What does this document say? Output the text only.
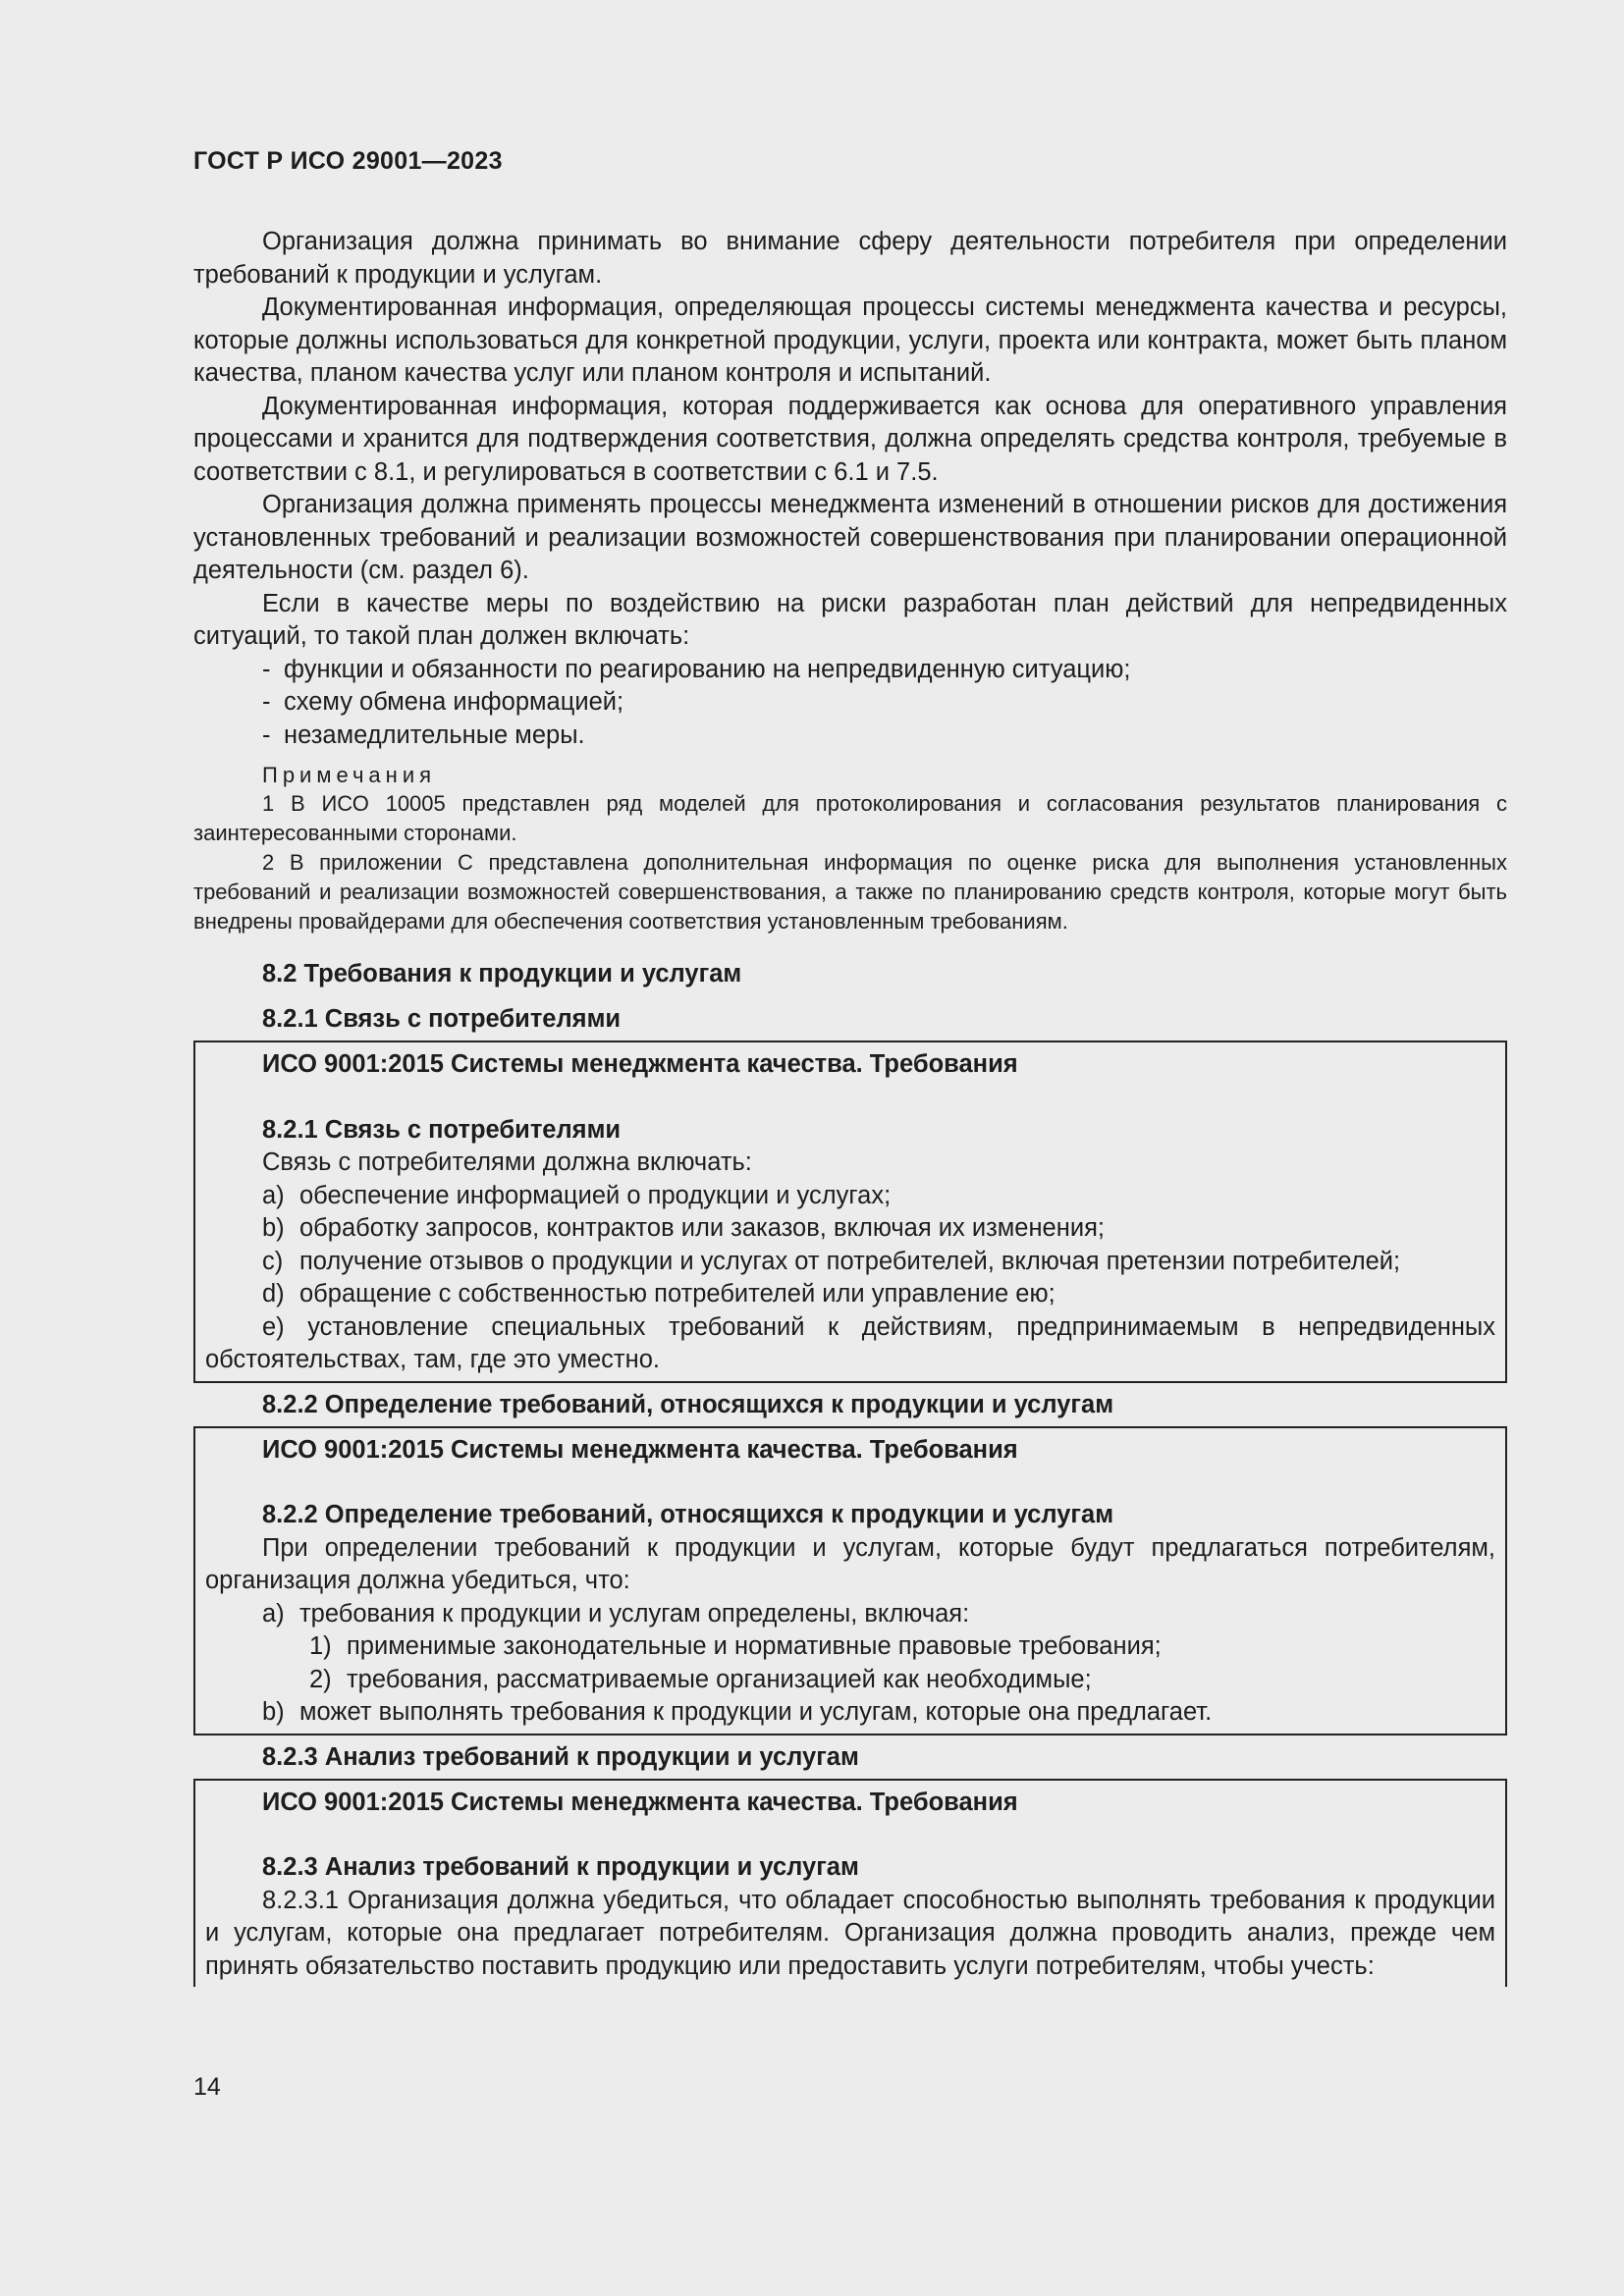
ГОСТ Р ИСО 29001—2023

Организация должна принимать во внимание сферу деятельности потребителя при определении требований к продукции и услугам.

Документированная информация, определяющая процессы системы менеджмента качества и ресурсы, которые должны использоваться для конкретной продукции, услуги, проекта или контракта, может быть планом качества, планом качества услуг или планом контроля и испытаний.

Документированная информация, которая поддерживается как основа для оперативного управления процессами и хранится для подтверждения соответствия, должна определять средства контроля, требуемые в соответствии с 8.1, и регулироваться в соответствии с 6.1 и 7.5.

Организация должна применять процессы менеджмента изменений в отношении рисков для достижения установленных требований и реализации возможностей совершенствования при планировании операционной деятельности (см. раздел 6).

Если в качестве меры по воздействию на риски разработан план действий для непредвиденных ситуаций, то такой план должен включать:

- функции и обязанности по реагированию на непредвиденную ситуацию;
- схему обмена информацией;
- незамедлительные меры.
Примечания

1 В ИСО 10005 представлен ряд моделей для протоколирования и согласования результатов планирования с заинтересованными сторонами.

2 В приложении С представлена дополнительная информация по оценке риска для выполнения установленных требований и реализации возможностей совершенствования, а также по планированию средств контроля, которые могут быть внедрены провайдерами для обеспечения соответствия установленным требованиям.

8.2 Требования к продукции и услугам
8.2.1 Связь с потребителями
ИСО 9001:2015 Системы менеджмента качества. Требования
8.2.1 Связь с потребителями
Связь с потребителями должна включать:
a) обеспечение информацией о продукции и услугах;
b) обработку запросов, контрактов или заказов, включая их изменения;
c) получение отзывов о продукции и услугах от потребителей, включая претензии потребителей;
d) обращение с собственностью потребителей или управление ею;

e) установление специальных требований к действиям, предпринимаемым в непредвиденных обстоятельствах, там, где это уместно.

8.2.2 Определение требований, относящихся к продукции и услугам
ИСО 9001:2015 Системы менеджмента качества. Требования
8.2.2 Определение требований, относящихся к продукции и услугам

При определении требований к продукции и услугам, которые будут предлагаться потребителям, организация должна убедиться, что:

a) требования к продукции и услугам определены, включая:
1) применимые законодательные и нормативные правовые требования;
2) требования, рассматриваемые организацией как необходимые;
b) может выполнять требования к продукции и услугам, которые она предлагает.
8.2.3 Анализ требований к продукции и услугам
ИСО 9001:2015 Системы менеджмента качества. Требования
8.2.3 Анализ требований к продукции и услугам

8.2.3.1 Организация должна убедиться, что обладает способностью выполнять требования к продукции и услугам, которые она предлагает потребителям. Организация должна проводить анализ, прежде чем принять обязательство поставить продукцию или предоставить услуги потребителям, чтобы учесть:

14
